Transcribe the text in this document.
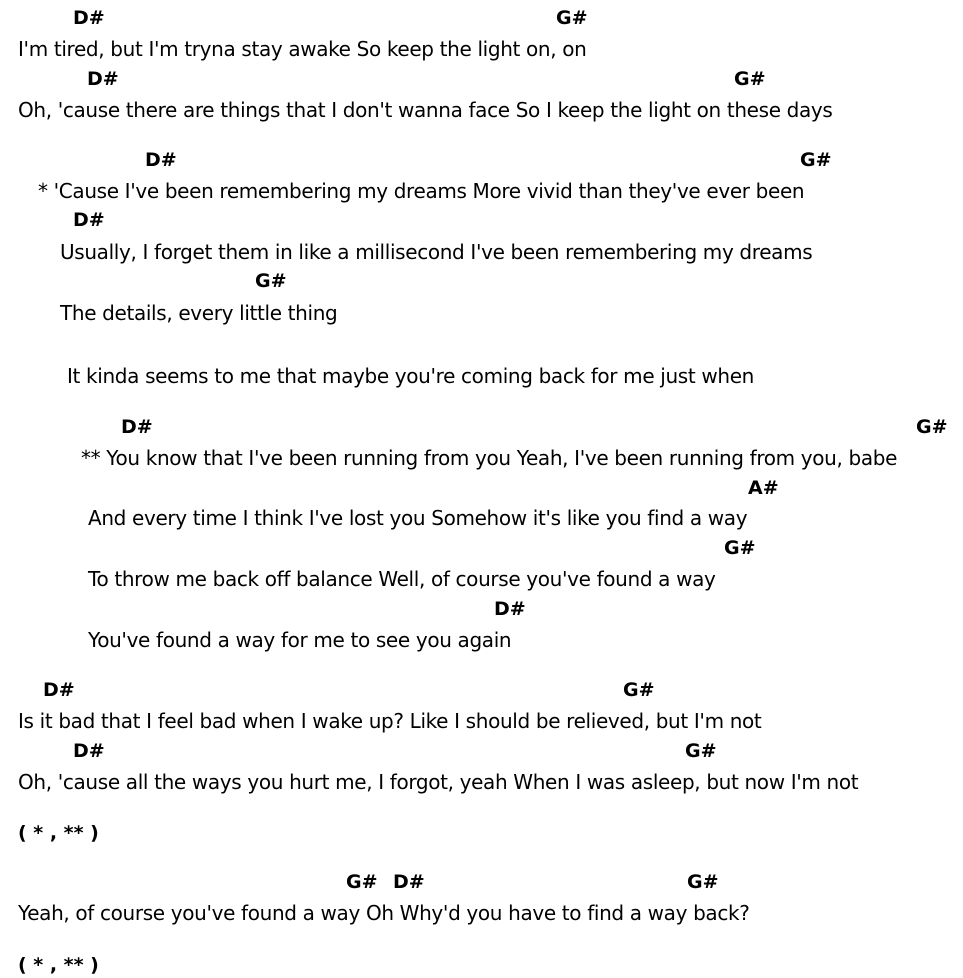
D#	G#
I'm tired, but I'm tryna stay awake So keep the light on, on
D#	G#
Oh, 'cause there are things that I don't wanna face So I keep the light on these days
D#	G#
* 'Cause I've been remembering my dreams More vivid than they've ever been
D#
Usually, I forget them in like a millisecond I've been remembering my dreams
G#
The details, every little thing
It kinda seems to me that maybe you're coming back for me just when
D#	G#
** You know that I've been running from you Yeah, I've been running from you, babe
A#
And every time I think I've lost you Somehow it's like you find a way
G#
To throw me back off balance Well, of course you've found a way
D#
You've found a way for me to see you again
D#	G#
Is it bad that I feel bad when I wake up? Like I should be relieved, but I'm not
D#	G#
Oh, 'cause all the ways you hurt me, I forgot, yeah When I was asleep, but now I'm not
( * , ** )
G# D#	G#
Yeah, of course you've found a way Oh Why'd you have to find a way back?
( * , ** )
